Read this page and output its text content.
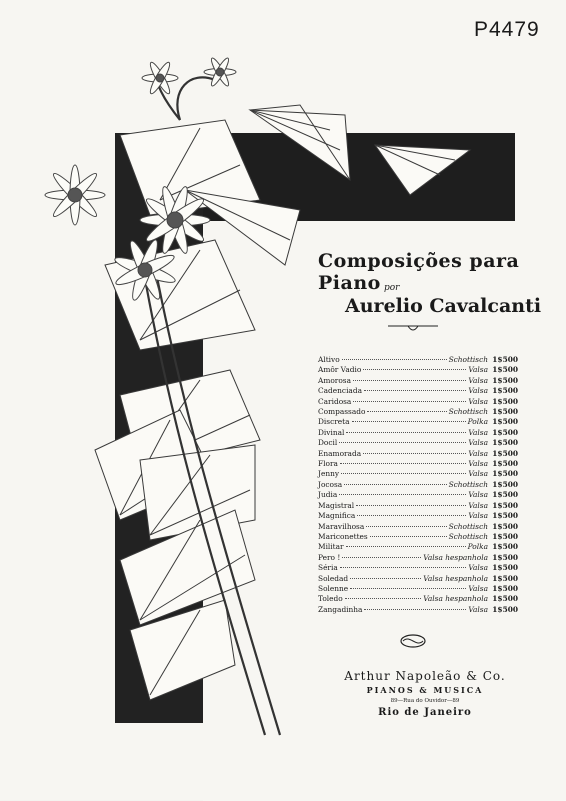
P4479
Composições para Piano por
Aurelio Cavalcanti
Altivo	Schottisch 1$500
Amôr Vadio	Valsa 1$500
Amorosa	Valsa 1$500
Cadenciada	Valsa 1$500
Caridosa	Valsa 1$500
Compassado	Schottisch 1$500
Discreta	Polka 1$500
Divinal	Valsa 1$500
Docil	Valsa 1$500
Enamorada	Valsa 1$500
Flora	Valsa 1$500
Jenny	Valsa 1$500
Jocosa	Schottisch 1$500
Judia	Valsa 1$500
Magistral	Valsa 1$500
Magnifica	Valsa 1$500
Maravilhosa	Schottisch 1$500
Mariconettes	Schottisch 1$500
Militar	Polka 1$500
Pero !	Valsa hespanhola 1$500
Séria	Valsa 1$500
Soledad	Valsa hespanhola 1$500
Solenne	Valsa 1$500
Toledo	Valsa hespanhola 1$500
Zangadinha	Valsa 1$500
Arthur Napoleão & Co.
PIANOS & MUSICA
89—Rua do Ouvidor—89
Rio de Janeiro
